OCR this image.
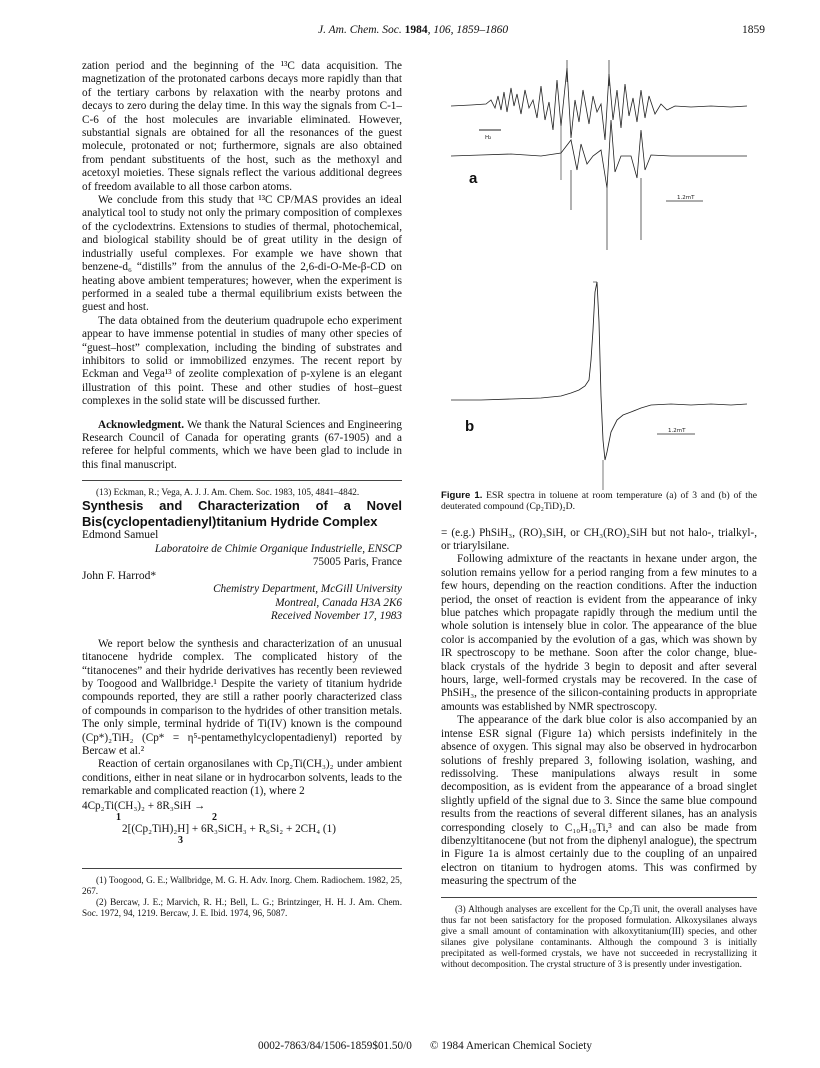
J. Am. Chem. Soc. 1984, 106, 1859–1860	1859

zation period and the beginning of the ¹³C data acquisition. The magnetization of the protonated carbons decays more rapidly than that of the tertiary carbons by relaxation with the nearby protons and decays to zero during the delay time. In this way the signals from C-1–C-6 of the host molecules are invariable eliminated. However, substantial signals are obtained for all the resonances of the guest molecule, protonated or not; furthermore, signals are also obtained from pendant substituents of the host, such as the methoxyl and acetoxyl moieties. These signals reflect the various additional degrees of freedom available to all those carbon atoms.

We conclude from this study that ¹³C CP/MAS provides an ideal analytical tool to study not only the primary composition of complexes of the cyclodextrins. Extensions to studies of thermal, photochemical, and biological stability should be of great utility in the design of industrially useful complexes. For example we have shown that benzene-d₆ “distills” from the annulus of the 2,6-di-O-Me-β-CD on heating above ambient temperatures; however, when the experiment is performed in a sealed tube a thermal equilibrium exists between the guest and host.

The data obtained from the deuterium quadrupole echo experiment appear to have immense potential in studies of many other species of “guest–host” complexation, including the binding of substrates and inhibitors to solid or immobilized enzymes. The recent report by Eckman and Vega¹³ of zeolite complexation of p-xylene is an elegant illustration of this point. These and other studies of host–guest complexes in the solid state will be discussed further.

Acknowledgment. We thank the Natural Sciences and Engineering Research Council of Canada for operating grants (67-1905) and a referee for helpful comments, which we have been glad to include in this final manuscript.

(13) Eckman, R.; Vega, A. J. J. Am. Chem. Soc. 1983, 105, 4841–4842.

Synthesis and Characterization of a Novel Bis(cyclopentadienyl)titanium Hydride Complex

Edmond Samuel

Laboratoire de Chimie Organique Industrielle, ENSCP
75005 Paris, France

John F. Harrod*

Chemistry Department, McGill University
Montreal, Canada H3A 2K6

Received November 17, 1983

We report below the synthesis and characterization of an unusual titanocene hydride complex. The complicated history of the “titanocenes” and their hydride derivatives has recently been reviewed by Toogood and Wallbridge.¹ Despite the variety of titanium hydride compounds reported, they are still a rather poorly characterized class of compounds in comparison to the hydrides of other transition metals. The only simple, terminal hydride of Ti(IV) known is the compound (Cp*)₂TiH₂ (Cp* = η⁵-pentamethylcyclopentadienyl) reported by Bercaw et al.²

Reaction of certain organosilanes with Cp₂Ti(CH₃)₂ under ambient conditions, either in neat silane or in hydrocarbon solvents, leads to the remarkable and complicated reaction (1), where 2

4Cp₂Ti(CH₃)₂ + 8R₃SiH →
1	2
2[(Cp₂TiH)₂H] + 6R₃SiCH₃ + R₆Si₂ + 2CH₄ (1)
3

(1) Toogood, G. E.; Wallbridge, M. G. H. Adv. Inorg. Chem. Radiochem. 1982, 25, 267.

(2) Bercaw, J. E.; Marvich, R. H.; Bell, L. G.; Brintzinger, H. H. J. Am. Chem. Soc. 1972, 94, 1219. Bercaw, J. E. Ibid. 1974, 96, 5087.

H₂
1.2mT
1.2mT
a
b

Figure 1. ESR spectra in toluene at room temperature (a) of 3 and (b) of the deuterated compound (Cp₂TiD)₂D.

= (e.g.) PhSiH₃, (RO)₃SiH, or CH₃(RO)₂SiH but not halo-, trialkyl-, or triarylsilane.

Following admixture of the reactants in hexane under argon, the solution remains yellow for a period ranging from a few minutes to a few hours, depending on the reaction conditions. After the induction period, the onset of reaction is evident from the appearance of inky blue patches which propagate rapidly through the medium until the whole solution is intensely blue in color. The appearance of the blue color is accompanied by the evolution of a gas, which was shown by IR spectroscopy to be methane. Soon after the color change, blue-black crystals of the hydride 3 begin to deposit and after several hours, large, well-formed crystals may be recovered. In the case of PhSiH₃, the presence of the silicon-containing products in appropriate amounts was established by NMR spectroscopy.

The appearance of the dark blue color is also accompanied by an intense ESR signal (Figure 1a) which persists indefinitely in the absence of oxygen. This signal may also be observed in hydrocarbon solutions of freshly prepared 3, following isolation, washing, and redissolving. These manipulations always result in some decomposition, as is evident from the appearance of a broad singlet slightly upfield of the signal due to 3. Since the same blue compound results from the reactions of several different silanes, has an analysis corresponding closely to C₁₀H₁₀Ti,³ and can also be made from dibenzyltitanocene (but not from the diphenyl analogue), the spectrum in Figure 1a is almost certainly due to the coupling of an unpaired electron on titanium to hydrogen atoms. This was confirmed by measuring the spectrum of the

(3) Although analyses are excellent for the Cp₂Ti unit, the overall analyses have thus far not been satisfactory for the proposed formulation. Alkoxysilanes always give a small amount of contamination with alkoxytitanium(III) species, and other silanes give polysilane contaminants. Although the compound 3 is initially precipitated as well-formed crystals, we have not succeeded in recrystallizing it without decomposition. The crystal structure of 3 is presently under investigation.

0002-7863/84/1506-1859$01.50/0 © 1984 American Chemical Society
